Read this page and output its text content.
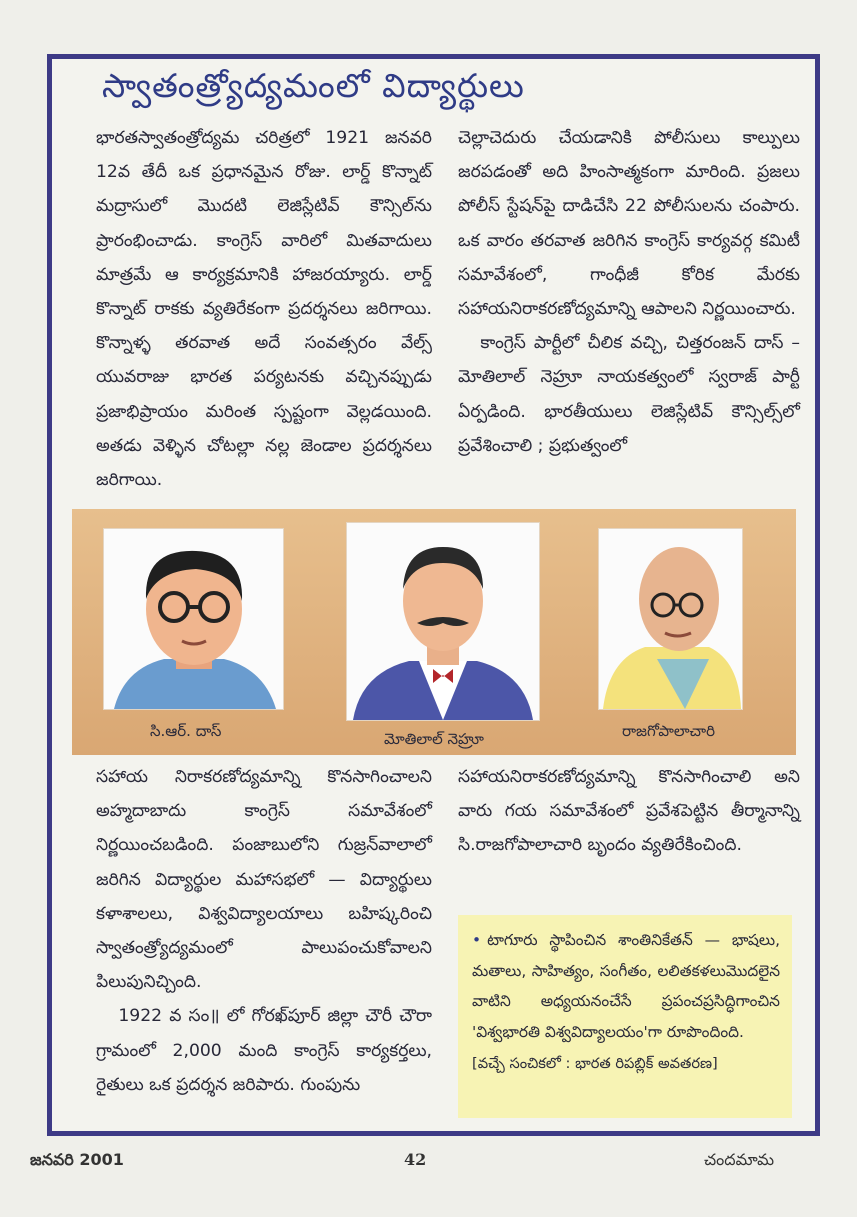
స్వాతంత్ర్యోద్యమంలో విద్యార్థులు

భారతస్వాతంత్రోద్యమ చరిత్రలో 1921 జనవరి 12వ తేదీ ఒక ప్రధానమైన రోజు. లార్డ్ కొన్నాట్ మద్రాసులో మొదటి లెజిస్లేటివ్ కౌన్సిల్‌ను ప్రారంభించాడు. కాంగ్రెస్ వారిలో మితవాదులు మాత్రమే ఆ కార్యక్రమానికి హాజరయ్యారు. లార్డ్ కొన్నాట్ రాకకు వ్యతిరేకంగా ప్రదర్శనలు జరిగాయి. కొన్నాళ్ళ తరవాత అదే సంవత్సరం వేల్స్ యువరాజు భారత పర్యటనకు వచ్చినప్పుడు ప్రజాభిప్రాయం మరింత స్పష్టంగా వెల్లడయింది. అతడు వెళ్ళిన చోటల్లా నల్ల జెండాల ప్రదర్శనలు జరిగాయి.

చెల్లాచెదురు చేయడానికి పోలీసులు కాల్పులు జరపడంతో అది హింసాత్మకంగా మారింది. ప్రజలు పోలీస్ స్టేషన్‌పై దాడిచేసి 22 పోలీసులను చంపారు. ఒక వారం తరవాత జరిగిన కాంగ్రెస్ కార్యవర్గ కమిటీ సమావేశంలో, గాంధీజీ కోరిక మేరకు సహాయనిరాకరణోద్యమాన్ని ఆపాలని నిర్ణయించారు.

కాంగ్రెస్ పార్టీలో చీలిక వచ్చి, చిత్తరంజన్ దాస్ – మోతిలాల్ నెహ్రూ నాయకత్వంలో స్వరాజ్ పార్టీ ఏర్పడింది. భారతీయులు లెజిస్లేటివ్ కౌన్సిల్స్‌లో ప్రవేశించాలి ; ప్రభుత్వంలో

సి.ఆర్. దాస్	మోతిలాల్ నెహ్రూ	రాజగోపాలాచారి

సహాయ నిరాకరణోద్యమాన్ని కొనసాగించాలని అహ్మదాబాదు కాంగ్రెస్ సమావేశంలో నిర్ణయించబడింది. పంజాబులోని గుజ్రన్‌వాలాలో జరిగిన విద్యార్థుల మహాసభలో — విద్యార్థులు కళాశాలలు, విశ్వవిద్యాలయాలు బహిష్కరించి స్వాతంత్ర్యోద్యమంలో పాలుపంచుకోవాలని పిలుపునిచ్చింది.

1922 వ సం॥ లో గోరఖ్‌పూర్ జిల్లా చౌరీ చౌరా గ్రామంలో 2,000 మంది కాంగ్రెస్ కార్యకర్తలు, రైతులు ఒక ప్రదర్శన జరిపారు. గుంపును

సహాయనిరాకరణోద్యమాన్ని కొనసాగించాలి అని వారు గయ సమావేశంలో ప్రవేశపెట్టిన తీర్మానాన్ని సి.రాజగోపాలాచారి బృందం వ్యతిరేకించింది.

• టాగూరు స్థాపించిన శాంతినికేతన్ — భాషలు, మతాలు, సాహిత్యం, సంగీతం, లలితకళలుమొదలైన వాటిని అధ్యయనంచేసే ప్రపంచప్రసిద్ధిగాంచిన 'విశ్వభారతి విశ్వవిద్యాలయం'గా రూపొందింది.

[వచ్చే సంచికలో : భారత రిపబ్లిక్ అవతరణ]
జనవరి 2001	42	చందమామ
